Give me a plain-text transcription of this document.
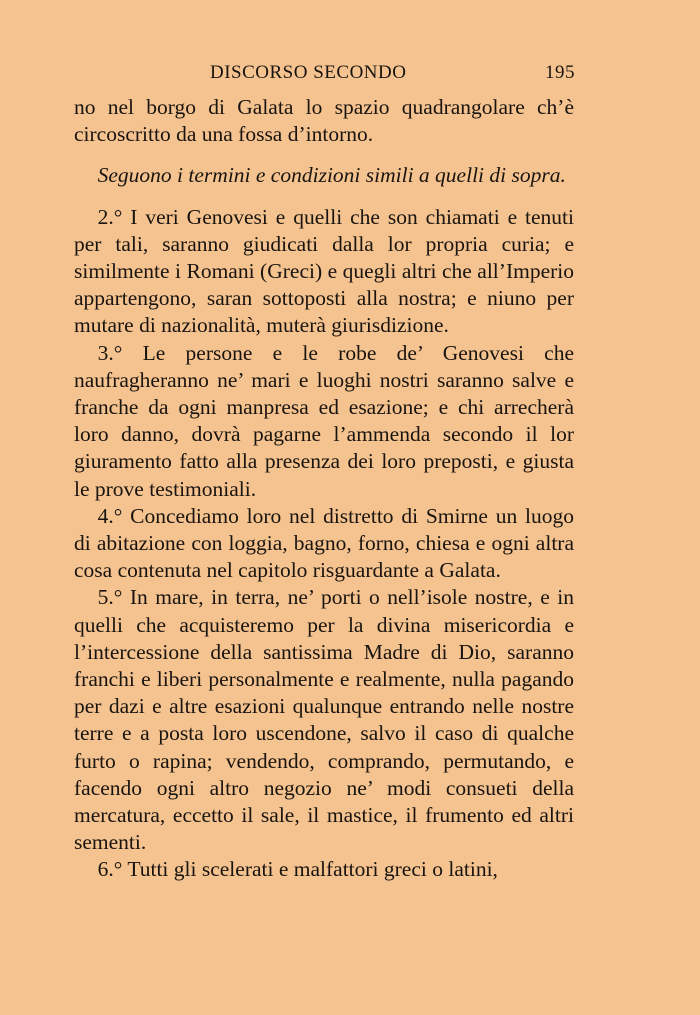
DISCORSO SECONDO	195

no nel borgo di Galata lo spazio quadrangolare ch’è circoscritto da una fossa d’intorno.

Seguono i termini e condizioni simili a quelli di sopra.

2.° I veri Genovesi e quelli che son chiamati e tenuti per tali, saranno giudicati dalla lor propria curia; e similmente i Romani (Greci) e quegli altri che all’Imperio appartengono, saran sottoposti alla nostra; e niuno per mutare di nazionalità, muterà giurisdizione.

3.° Le persone e le robe de’ Genovesi che naufragheranno ne’ mari e luoghi nostri saranno salve e franche da ogni manpresa ed esazione; e chi arrecherà loro danno, dovrà pagarne l’ammenda secondo il lor giuramento fatto alla presenza dei loro preposti, e giusta le prove testimoniali.

4.° Concediamo loro nel distretto di Smirne un luogo di abitazione con loggia, bagno, forno, chiesa e ogni altra cosa contenuta nel capitolo risguardante a Galata.

5.° In mare, in terra, ne’ porti o nell’isole nostre, e in quelli che acquisteremo per la divina misericordia e l’intercessione della santissima Madre di Dio, saranno franchi e liberi personalmente e realmente, nulla pagando per dazi e altre esazioni qualunque entrando nelle nostre terre e a posta loro uscendone, salvo il caso di qualche furto o rapina; vendendo, comprando, permutando, e facendo ogni altro negozio ne’ modi consueti della mercatura, eccetto il sale, il mastice, il frumento ed altri sementi.

6.° Tutti gli scelerati e malfattori greci o latini,
